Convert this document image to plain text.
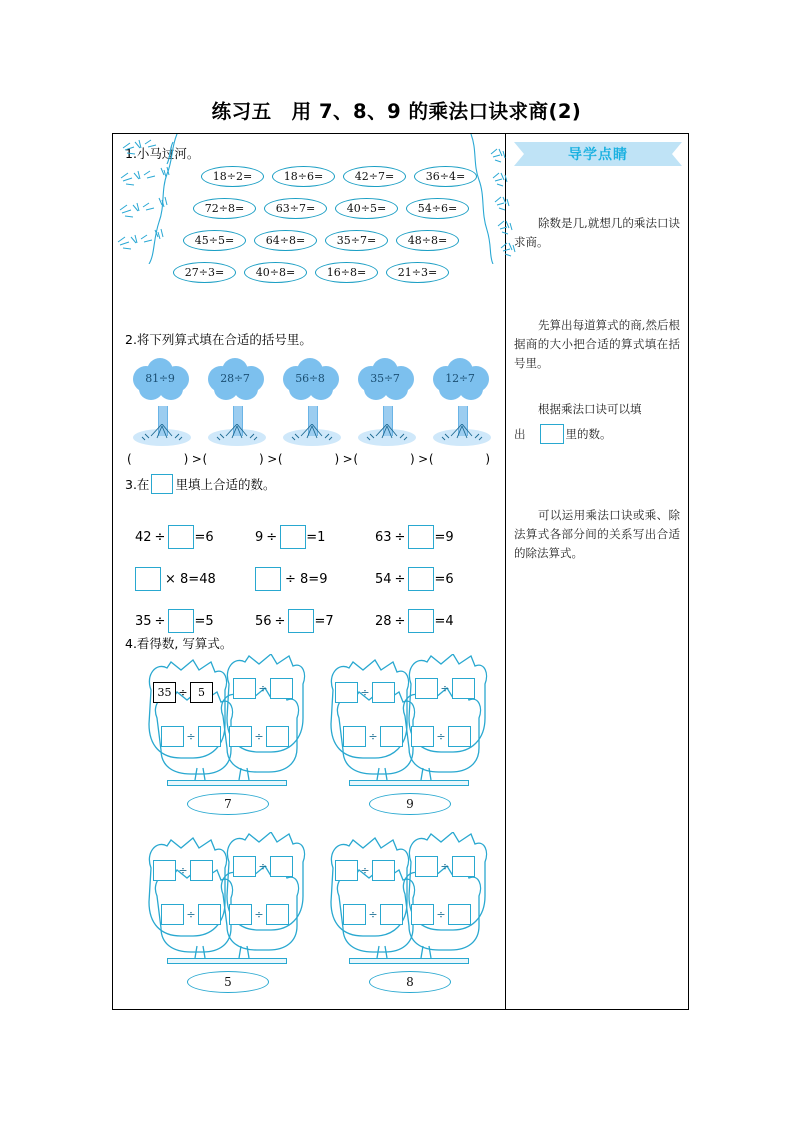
练习五　用 7、8、9 的乘法口诀求商(2)
1.小马过河。
18÷2=	18÷6=	42÷7=	36÷4=
72÷8=	63÷7=	40÷5=	54÷6=
45÷5=	64÷8=	35÷7=	48÷8=
27÷3=	40÷8=	16÷8=	21÷3=
2.将下列算式填在合适的括号里。
81÷9	28÷7	56÷8	35÷7	12÷7
(	) > (	) > (	) > (	) > (	)
3.在 里填上合适的数。
42 ÷ =6	9 ÷ =1	63 ÷ =9
× 8=48	÷ 8=9	54 ÷ =6
35 ÷ =5	56 ÷ =7	28 ÷ =4
4.看得数, 写算式。
35 ÷ 5	÷
÷	÷
7
÷	÷
÷	÷
9
÷	÷
÷	÷
5
÷	÷
÷	÷
8
导学点睛
除数是几,就想几的乘法口诀求商。
先算出每道算式的商,然后根据商的大小把合适的算式填在括号里。
根据乘法口诀可以填
出	里的数。
可以运用乘法口诀或乘、除法算式各部分间的关系写出合适的除法算式。
